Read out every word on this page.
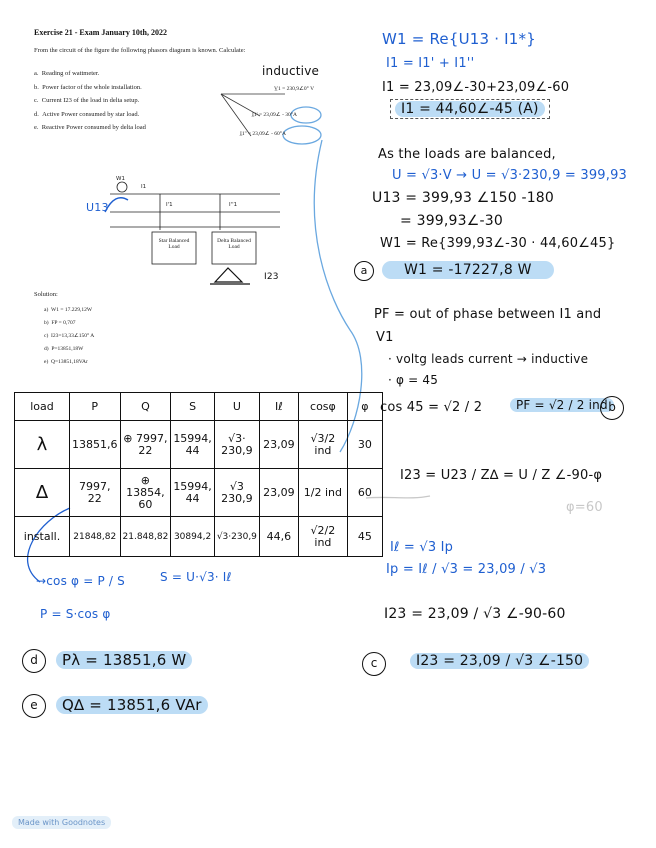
Exercise 21 - Exam January 10th, 2022
From the circuit of the figure the following phasors diagram is known. Calculate:
a. Reading of wattmeter.
b. Power factor of the whole installation.
c. Current I23 of the load in delta setup.
d. Active Power consumed by star load.
e. Reactive Power consumed by delta load
inductive
V̲1 = 230,9∠0° V
I̲1' = 23,09∠ - 30°A
I̲1'' = 23,09∠ - 60°A
W1
I1
I'1	I''1
U13
Star Balanced Load
Delta Balanced Load
I23
Solution:
a) W1 = 17.229,12W
b) FP = 0,707
c) I23=13,33∠150° A
d) P=13851,18W
e) Q=13851,18VAr
W1 = Re{U13 · I1*}
I1 = I1' + I1''
I1 = 23,09∠-30+23,09∠-60
I1 = 44,60∠-45 (A)
As the loads are balanced,
U = √3·V → U = √3·230,9 = 399,93
U13 = 399,93 ∠150 -180
= 399,93∠-30
W1 = Re{399,93∠-30 · 44,60∠45}
a	W1 = -17227,8 W
PF = out of phase between I1 and
V1
· voltg leads current → inductive
· φ = 45
cos 45 = √2 / 2	PF = √2 / 2 ind b
I23 = U23 / Z∆ = U / Z ∠-90-φ
φ=60
Iℓ = √3 Ip
Ip = Iℓ / √3 = 23,09 / √3
I23 = 23,09 / √3 ∠-90-60
c	I23 = 23,09 / √3 ∠-150
load	P	Q	S	U	Iℓ	cosφ	φ
λ	13851,6	⊕ 7997, 22	15994, 44	√3· 230,9	23,09	√3/2 ind	30
∆	7997, 22	⊕ 13854, 60	15994, 44	√3 230,9	23,09	1/2 ind	60
install.	21848,82	21.848,82	30894,2	√3·230,9	44,6	√2/2 ind	45
→cos φ = P / S	S = U·√3· Iℓ
P = S·cos φ
d	Pλ = 13851,6 W
e	Q∆ = 13851,6 VAr
Made with Goodnotes
